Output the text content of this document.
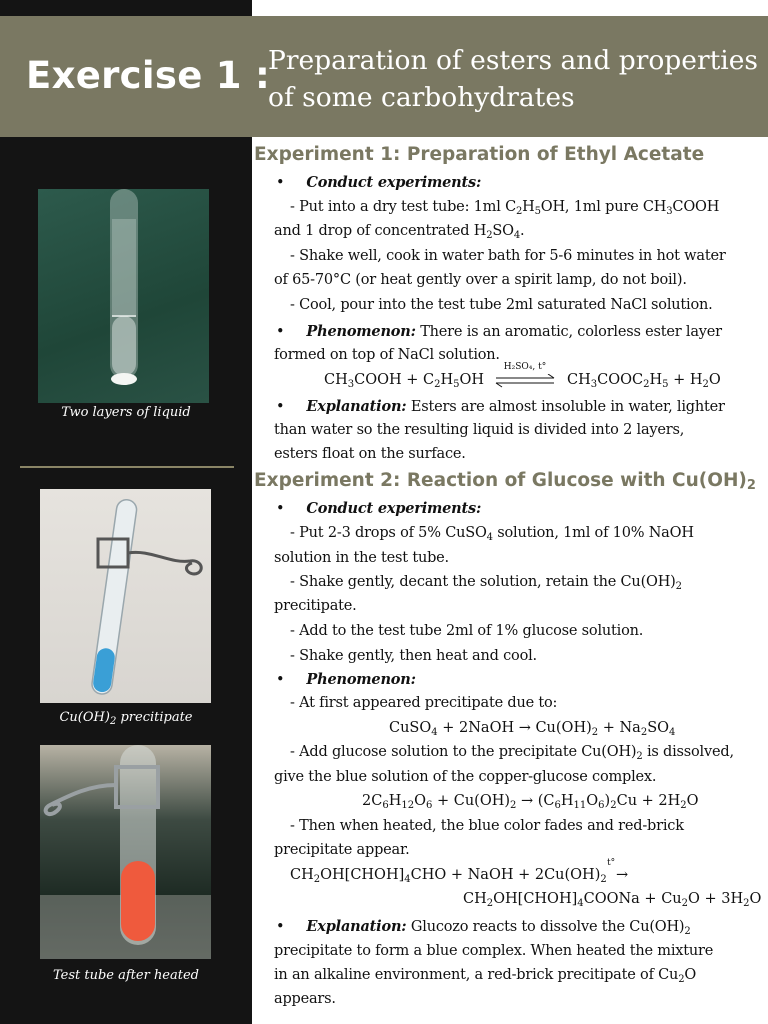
Exercise 1 :
Preparation of esters and properties of some carbohydrates
Two layers of liquid
$Cu(OH)_2$ precitipate
Test tube after heated
Experiment 1: Preparation of Ethyl Acetate
•     Conduct experiments:
- Put into a dry test tube: 1ml $C_2H_5OH$, 1ml pure $CH_3COOH$
and 1 drop of concentrated $H_2SO_4$.
- Shake well, cook in water bath for 5-6 minutes in hot water
of 65-70°C (or heat gently over a spirit lamp, do not boil).
- Cool, pour into the test tube 2ml saturated NaCl solution.
•     Phenomenon: There is an aromatic, colorless ester layer
formed on top of NaCl solution.
$CH_3COOH + C_2H_5OH$                  $CH_3COOC_2H_5 + H_2O$
H₂SO₄, t°
•     Explanation: Esters are almost insoluble in water, lighter
than water so the resulting liquid is divided into 2 layers,
esters float on the surface.
Experiment 2: Reaction of Glucose with $Cu(OH)_2$
•     Conduct experiments:
- Put 2-3 drops of 5% CuSO$_4$ solution, 1ml of 10% NaOH
solution in the test tube.
- Shake gently, decant the solution, retain the $Cu(OH)_2$
precitipate.
- Add to the test tube 2ml of 1% glucose solution.
- Shake gently, then heat and cool.
•     Phenomenon:
- At first appeared precitipate due to:
CuSO$_4$ + 2NaOH → $Cu(OH)_2 + Na_2SO_4$
- Add glucose solution to the precipitate $Cu(OH)_2$ is dissolved,
give the blue solution of the copper-glucose complex.
$2C_6H_{12}O_6 + Cu(OH)_2 \to (C_6H_{11}O_6)_2Cu + 2H_2O$
- Then when heated, the blue color fades and red-brick
precipitate appear.
$CH_2OH[CHOH]_4CHO$ + NaOH + $2Cu(OH)_2$  →
t°
$CH_2OH[CHOH]_4COONa + Cu_2O + 3H_2O$
•     Explanation: Glucozo reacts to dissolve the $Cu(OH)_2$
precipitate to form a blue complex. When heated the mixture
in an alkaline environment, a red-brick precitipate of $Cu_2O$
appears.
